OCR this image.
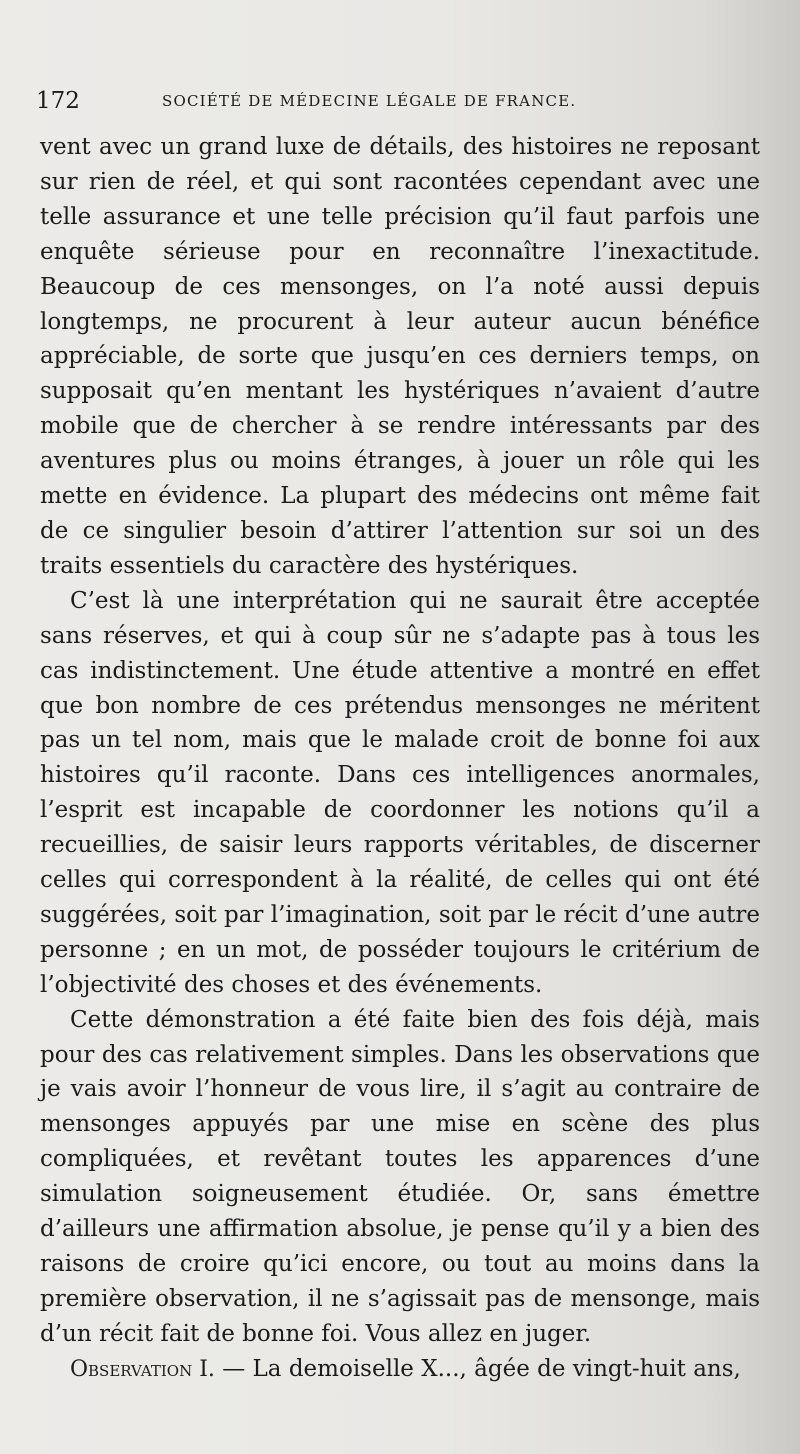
172	SOCIÉTÉ DE MÉDECINE LÉGALE DE FRANCE.

vent avec un grand luxe de détails, des histoires ne reposant sur rien de réel, et qui sont racontées cependant avec une telle assurance et une telle précision qu’il faut parfois une enquête sérieuse pour en reconnaître l’inexactitude. Beaucoup de ces mensonges, on l’a noté aussi depuis longtemps, ne procurent à leur auteur aucun bénéfice appréciable, de sorte que jusqu’en ces derniers temps, on supposait qu’en mentant les hystériques n’avaient d’autre mobile que de chercher à se rendre intéressants par des aventures plus ou moins étranges, à jouer un rôle qui les mette en évidence. La plupart des médecins ont même fait de ce singulier besoin d’attirer l’attention sur soi un des traits essentiels du caractère des hystériques.

C’est là une interprétation qui ne saurait être acceptée sans réserves, et qui à coup sûr ne s’adapte pas à tous les cas indistinctement. Une étude attentive a montré en effet que bon nombre de ces prétendus mensonges ne méritent pas un tel nom, mais que le malade croit de bonne foi aux histoires qu’il raconte. Dans ces intelligences anormales, l’esprit est incapable de coordonner les notions qu’il a recueillies, de saisir leurs rapports véritables, de discerner celles qui correspondent à la réalité, de celles qui ont été suggérées, soit par l’imagination, soit par le récit d’une autre personne ; en un mot, de posséder toujours le critérium de l’objectivité des choses et des événements.

Cette démonstration a été faite bien des fois déjà, mais pour des cas relativement simples. Dans les observations que je vais avoir l’honneur de vous lire, il s’agit au contraire de mensonges appuyés par une mise en scène des plus compliquées, et revêtant toutes les apparences d’une simulation soigneusement étudiée. Or, sans émettre d’ailleurs une affirmation absolue, je pense qu’il y a bien des raisons de croire qu’ici encore, ou tout au moins dans la première observation, il ne s’agissait pas de mensonge, mais d’un récit fait de bonne foi. Vous allez en juger.

Observation I. — La demoiselle X..., âgée de vingt-huit ans,
